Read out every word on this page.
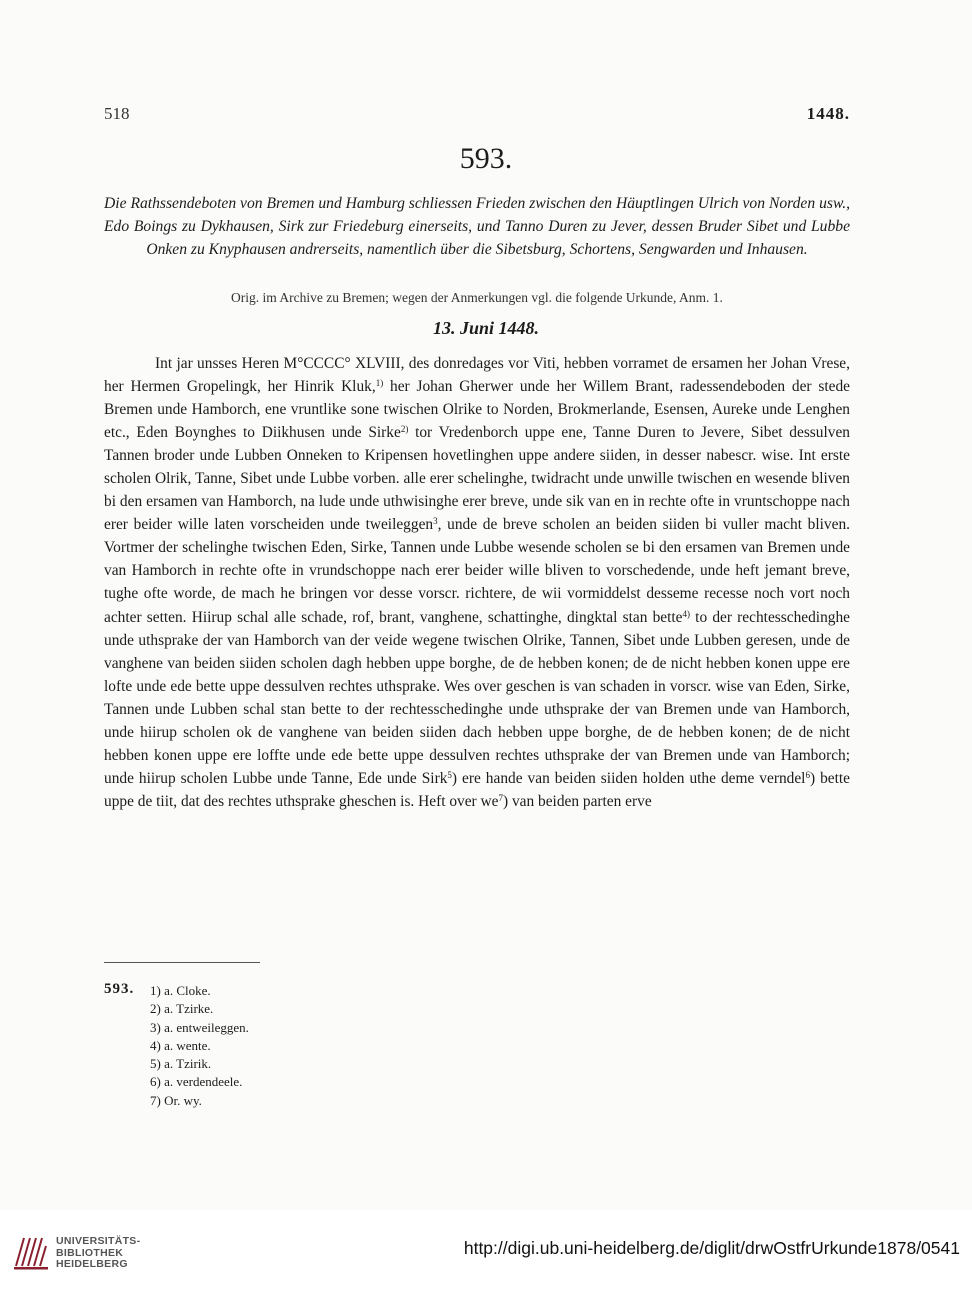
518	1448.
593.
Die Rathssendeboten von Bremen und Hamburg schliessen Frieden zwischen den Häuptlingen Ulrich von Norden usw., Edo Boings zu Dykhausen, Sirk zur Friedeburg einerseits, und Tanno Duren zu Jever, dessen Bruder Sibet und Lubbe Onken zu Knyphausen andrerseits, namentlich über die Sibetsburg, Schortens, Sengwarden und Inhausen.
Orig. im Archive zu Bremen; wegen der Anmerkungen vgl. die folgende Urkunde, Anm. 1.
13. Juni 1448.
Int jar unsses Heren M°CCCC° XLVIII, des donredages vor Viti, hebben vorramet de ersamen her Johan Vrese, her Hermen Gropelingk, her Hinrik Kluk,$^{1)}$ her Johan Gherwer unde her Willem Brant, radessendeboden der stede Bremen unde Hamborch, ene vruntlike sone twischen Olrike to Norden, Brokmerlande, Esensen, Aureke unde Lenghen etc., Eden Boynghes to Diikhusen unde Sirke$^{2)}$ tor Vredenborch uppe ene, Tanne Duren to Jevere, Sibet dessulven Tannen broder unde Lubben Onneken to Kripensen hovetlinghen uppe andere siiden, in desser nabescr. wise. Int erste scholen Olrik, Tanne, Sibet unde Lubbe vorben. alle erer schelinghe, twidracht unde unwille twischen en wesende bliven bi den ersamen van Hamborch, na lude unde uthwisinghe erer breve, unde sik van en in rechte ofte in vruntschoppe nach erer beider wille laten vorscheiden unde tweileggen$^3$, unde de breve scholen an beiden siiden bi vuller macht bliven. Vortmer der schelinghe twischen Eden, Sirke, Tannen unde Lubbe wesende scholen se bi den ersamen van Bremen unde van Hamborch in rechte ofte in vrundschoppe nach erer beider wille bliven to vorschedende, unde heft jemant breve, tughe ofte worde, de mach he bringen vor desse vorscr. richtere, de wii vormiddelst desseme recesse noch vort noch achter setten. Hiirup schal alle schade, rof, brant, vanghene, schattinghe, dingktal stan bette$^{4)}$ to der rechtesschedinghe unde uthsprake der van Hamborch van der veide wegene twischen Olrike, Tannen, Sibet unde Lubben geresen, unde de vanghene van beiden siiden scholen dagh hebben uppe borghe, de de hebben konen; de de nicht hebben konen uppe ere lofte unde ede bette uppe dessulven rechtes uthsprake. Wes over geschen is van schaden in vorscr. wise van Eden, Sirke, Tannen unde Lubben schal stan bette to der rechtesschedinghe unde uthsprake der van Bremen unde van Hamborch, unde hiirup scholen ok de vanghene van beiden siiden dach hebben uppe borghe, de de hebben konen; de de nicht hebben konen uppe ere loffte unde ede bette uppe dessulven rechtes uthsprake der van Bremen unde van Hamborch; unde hiirup scholen Lubbe unde Tanne, Ede unde Sirk$^5$) ere hande van beiden siiden holden uthe deme verndel$^6$) bette uppe de tiit, dat des rechtes uthsprake gheschen is. Heft over $we^7$) van beiden parten erve
593. 1) a. Cloke.
2) a. Tzirke.
3) a. entweileggen.
4) a. wente.
5) a. Tzirik.
6) a. verdendeele.
7) Or. wy.
UNIVERSITÄTS-
BIBLIOTHEK
HEIDELBERG
http://digi.ub.uni-heidelberg.de/diglit/drwOstfrUrkunde1878/0541
